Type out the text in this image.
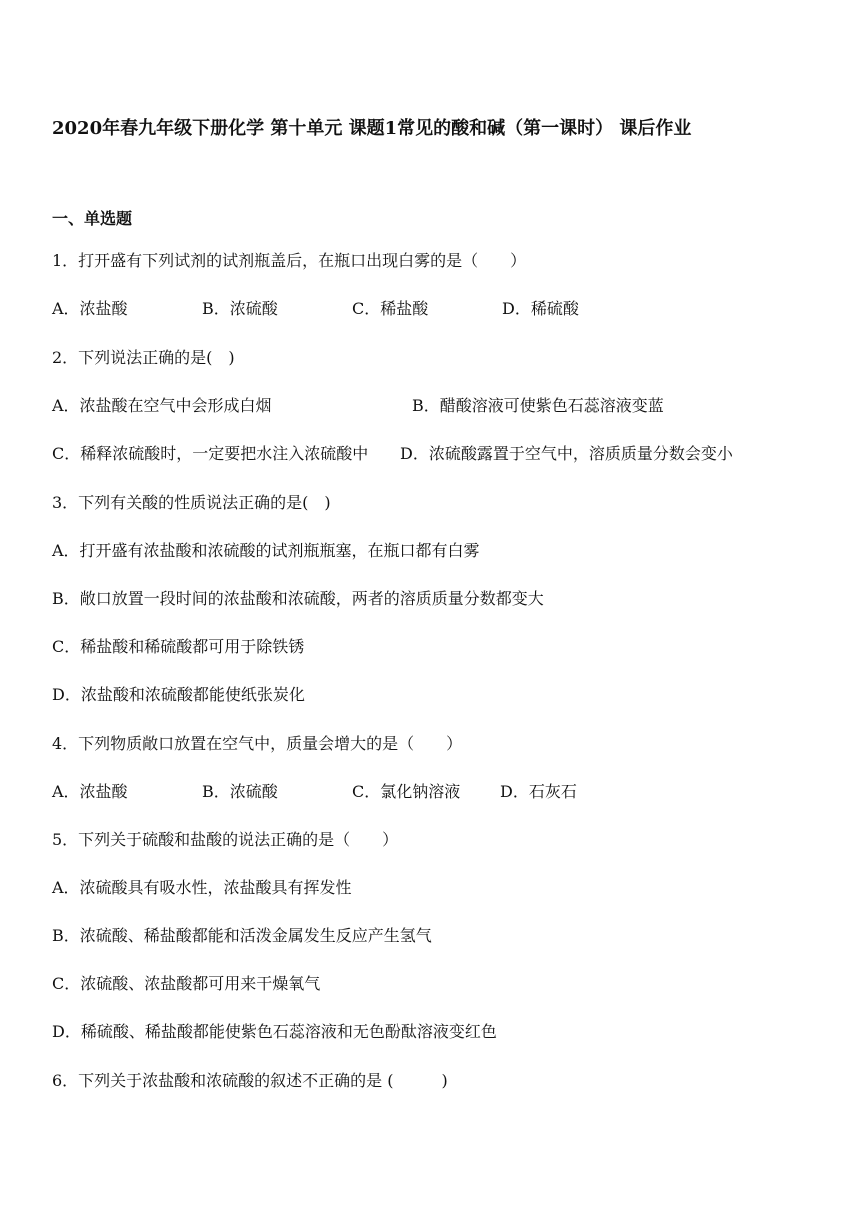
2020年春九年级下册化学 第十单元 课题1常见的酸和碱（第一课时） 课后作业
一、单选题
1．打开盛有下列试剂的试剂瓶盖后，在瓶口出现白雾的是（　　）
A．浓盐酸	B．浓硫酸	C．稀盐酸	D．稀硫酸
2．下列说法正确的是(　)
A．浓盐酸在空气中会形成白烟	B．醋酸溶液可使紫色石蕊溶液变蓝
C．稀释浓硫酸时，一定要把水注入浓硫酸中 D．浓硫酸露置于空气中，溶质质量分数会变小
3．下列有关酸的性质说法正确的是(　)
A．打开盛有浓盐酸和浓硫酸的试剂瓶瓶塞，在瓶口都有白雾
B．敞口放置一段时间的浓盐酸和浓硫酸，两者的溶质质量分数都变大
C．稀盐酸和稀硫酸都可用于除铁锈
D．浓盐酸和浓硫酸都能使纸张炭化
4．下列物质敞口放置在空气中，质量会增大的是（　　）
A．浓盐酸	B．浓硫酸	C．氯化钠溶液 D．石灰石
5．下列关于硫酸和盐酸的说法正确的是（　　）
A．浓硫酸具有吸水性，浓盐酸具有挥发性
B．浓硫酸、稀盐酸都能和活泼金属发生反应产生氢气
C．浓硫酸、浓盐酸都可用来干燥氧气
D．稀硫酸、稀盐酸都能使紫色石蕊溶液和无色酚酞溶液变红色
6．下列关于浓盐酸和浓硫酸的叙述不正确的是 (　　　)
